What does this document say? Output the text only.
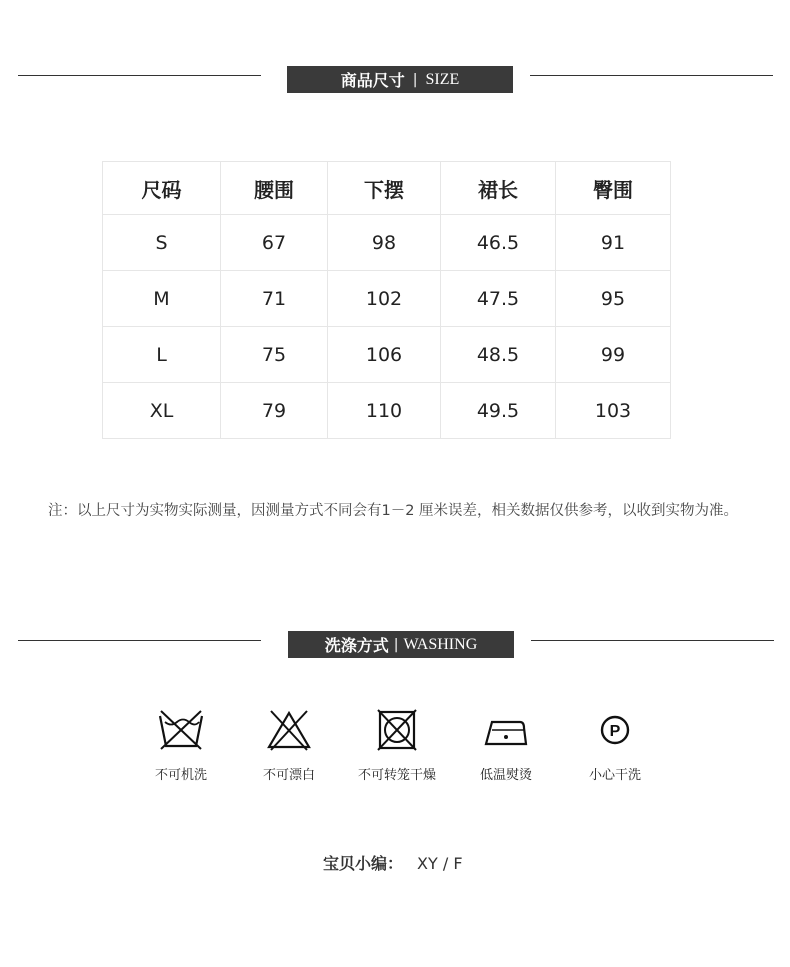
商品尺寸 | SIZE
尺码	腰围	下摆	裙长	臀围
S	67	98	46.5	91
M	71	102	47.5	95
L	75	106	48.5	99
XL	79	110	49.5	103
注：以上尺寸为实物实际测量，因测量方式不同会有1－2 厘米误差，相关数据仅供参考，以收到实物为准。
洗涤方式 | WASHING
不可机洗	不可漂白	不可转笼干燥	低温熨烫
P
小心干洗
宝贝小编： XY / F
